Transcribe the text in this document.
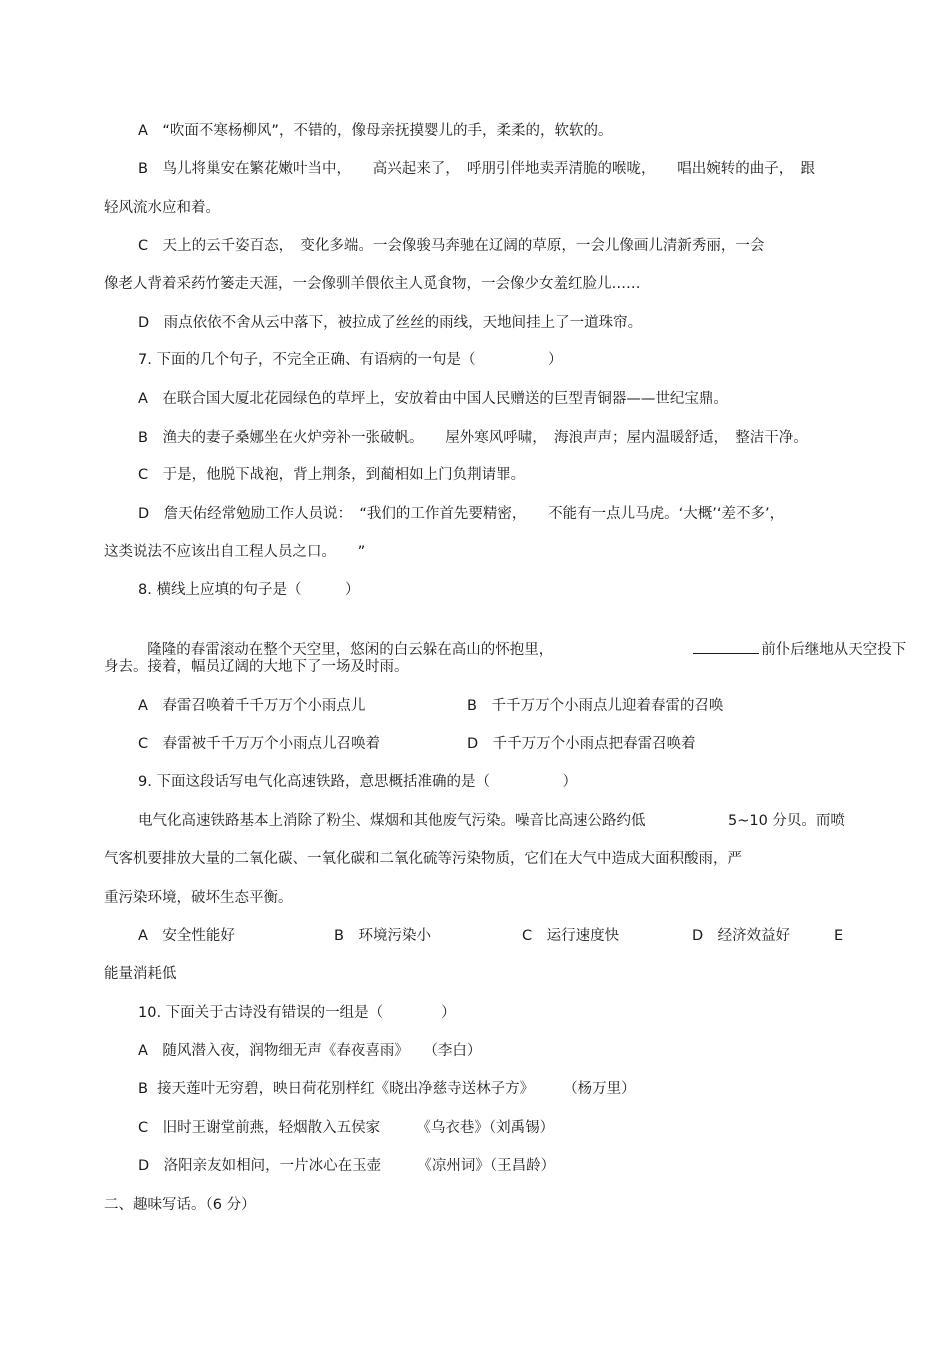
A　“吹面不寒杨柳风”，不错的，像母亲抚摸婴儿的手，柔柔的，软软的。
B　鸟儿将巢安在繁花嫩叶当中，　　高兴起来了，　呼朋引伴地卖弄清脆的喉咙，　　唱出婉转的曲子，　跟
轻风流水应和着。
C　天上的云千姿百态，　变化多端。一会像骏马奔驰在辽阔的草原，一会儿像画儿清新秀丽，一会
像老人背着采药竹篓走天涯，一会像驯羊偎依主人觅食物，一会像少女羞红脸儿……
D　雨点依依不舍从云中落下，被拉成了丝丝的雨线，天地间挂上了一道珠帘。
7. 下面的几个句子，不完全正确、有语病的一句是（　　　　　）
A　在联合国大厦北花园绿色的草坪上，安放着由中国人民赠送的巨型青铜器——世纪宝鼎。
B　渔夫的妻子桑娜坐在火炉旁补一张破帆。　　屋外寒风呼啸，　海浪声声；屋内温暖舒适，　整洁干净。
C　于是，他脱下战袍，背上荆条，到蔺相如上门负荆请罪。
D　詹天佑经常勉励工作人员说：　“我们的工作首先要精密，　　不能有一点儿马虎。‘大概’‘差不多’，
这类说法不应该出自工程人员之口。　　”
8. 横线上应填的句子是（　　　）

隆隆的春雷滚动在整个天空里，悠闲的白云躲在高山的怀抱里，	前仆后继地从天空投下

身去。接着，幅员辽阔的大地下了一场及时雨。
A　春雷召唤着千千万万个小雨点儿	B　千千万万个小雨点儿迎着春雷的召唤
C　春雷被千千万万个小雨点儿召唤着	D　千千万万个小雨点把春雷召唤着
9. 下面这段话写电气化高速铁路，意思概括准确的是（　　　　　）
电气化高速铁路基本上消除了粉尘、煤烟和其他废气污染。噪音比高速公路约低	5~10 分贝。而喷
气客机要排放大量的二氧化碳、一氧化碳和二氧化硫等污染物质，它们在大气中造成大面积酸雨，严
重污染环境，破坏生态平衡。
A　安全性能好	B　环境污染小	C　运行速度快	D　经济效益好	E
能量消耗低
10. 下面关于古诗没有错误的一组是（　　　　）
A　随风潜入夜，润物细无声《春夜喜雨》　　（李白）
B  接天莲叶无穷碧，映日荷花别样红《晓出净慈寺送林子方》　　　（杨万里）
C　旧时王谢堂前燕，轻烟散入五侯家　　　《乌衣巷》（刘禹锡）
D　洛阳亲友如相问，一片冰心在玉壶　　　《凉州词》（王昌龄）
二、趣味写话。（6 分）
